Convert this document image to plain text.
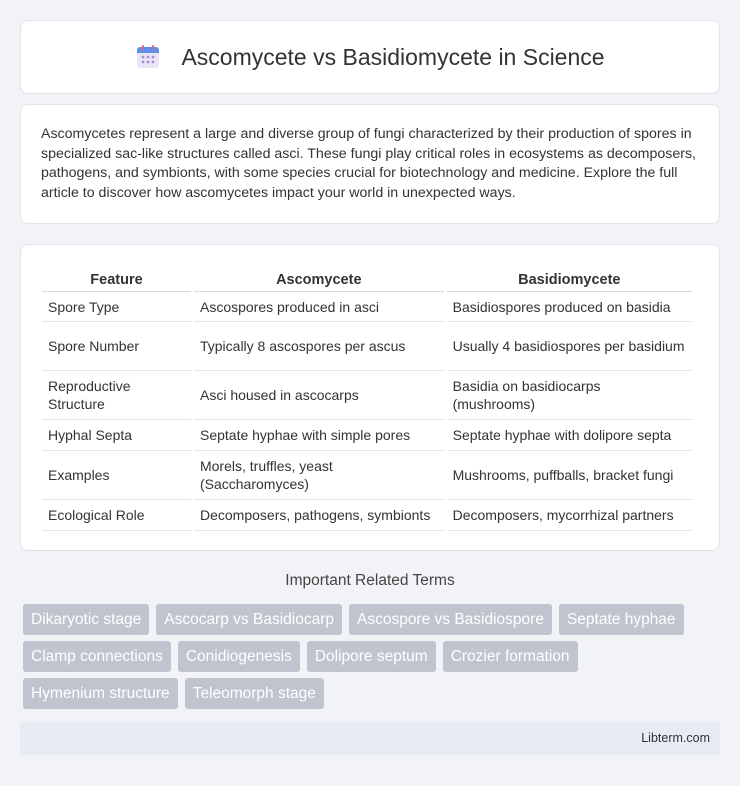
Ascomycete vs Basidiomycete in Science

Ascomycetes represent a large and diverse group of fungi characterized by their production of spores in specialized sac-like structures called asci. These fungi play critical roles in ecosystems as decomposers, pathogens, and symbionts, with some species crucial for biotechnology and medicine. Explore the full article to discover how ascomycetes impact your world in unexpected ways.

Feature	Ascomycete	Basidiomycete
Spore Type	Ascospores produced in asci	Basidiospores produced on basidia
Spore Number	Typically 8 ascospores per ascus	Usually 4 basidiospores per basidium
Reproductive Structure	Asci housed in ascocarps	Basidia on basidiocarps (mushrooms)
Hyphal Septa	Septate hyphae with simple pores	Septate hyphae with dolipore septa
Examples	Morels, truffles, yeast (Saccharomyces)	Mushrooms, puffballs, bracket fungi
Ecological Role	Decomposers, pathogens, symbionts	Decomposers, mycorrhizal partners
Important Related Terms
Dikaryotic stage	Ascocarp vs Basidiocarp	Ascospore vs Basidiospore	Septate hyphae
Clamp connections	Conidiogenesis	Dolipore septum	Crozier formation
Hymenium structure	Teleomorph stage
Libterm.com
